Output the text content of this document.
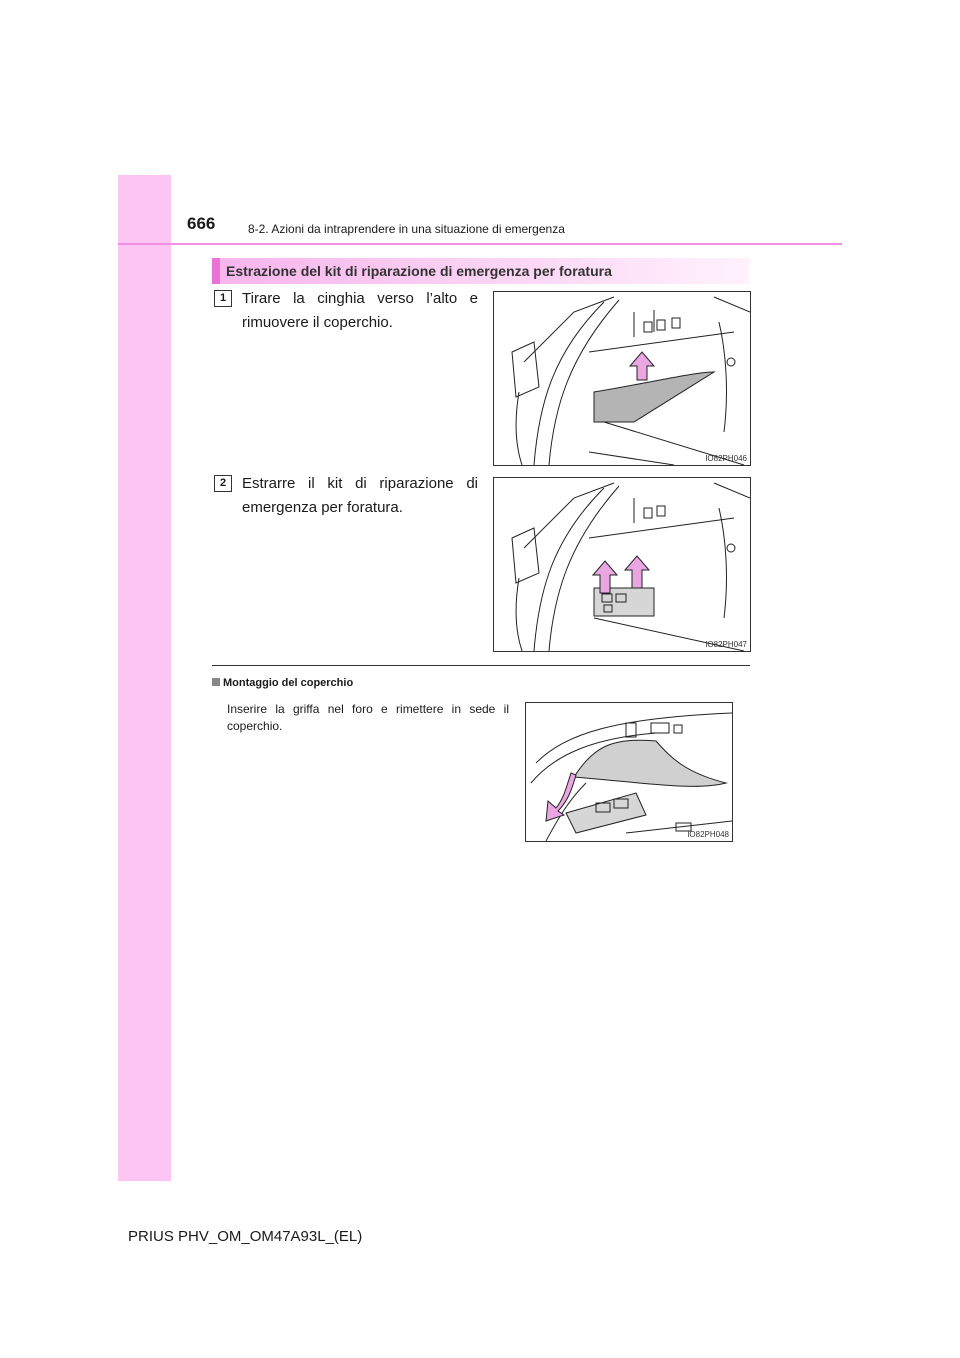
666	8-2. Azioni da intraprendere in una situazione di emergenza
Estrazione del kit di riparazione di emergenza per foratura
1	Tirare la cinghia verso l’alto e rimuovere il coperchio.
IO82PH046
2	Estrarre il kit di riparazione di emergenza per foratura.
IO82PH047
Montaggio del coperchio
Inserire la griffa nel foro e rimettere in sede il coperchio.
IO82PH048
PRIUS PHV_OM_OM47A93L_(EL)
